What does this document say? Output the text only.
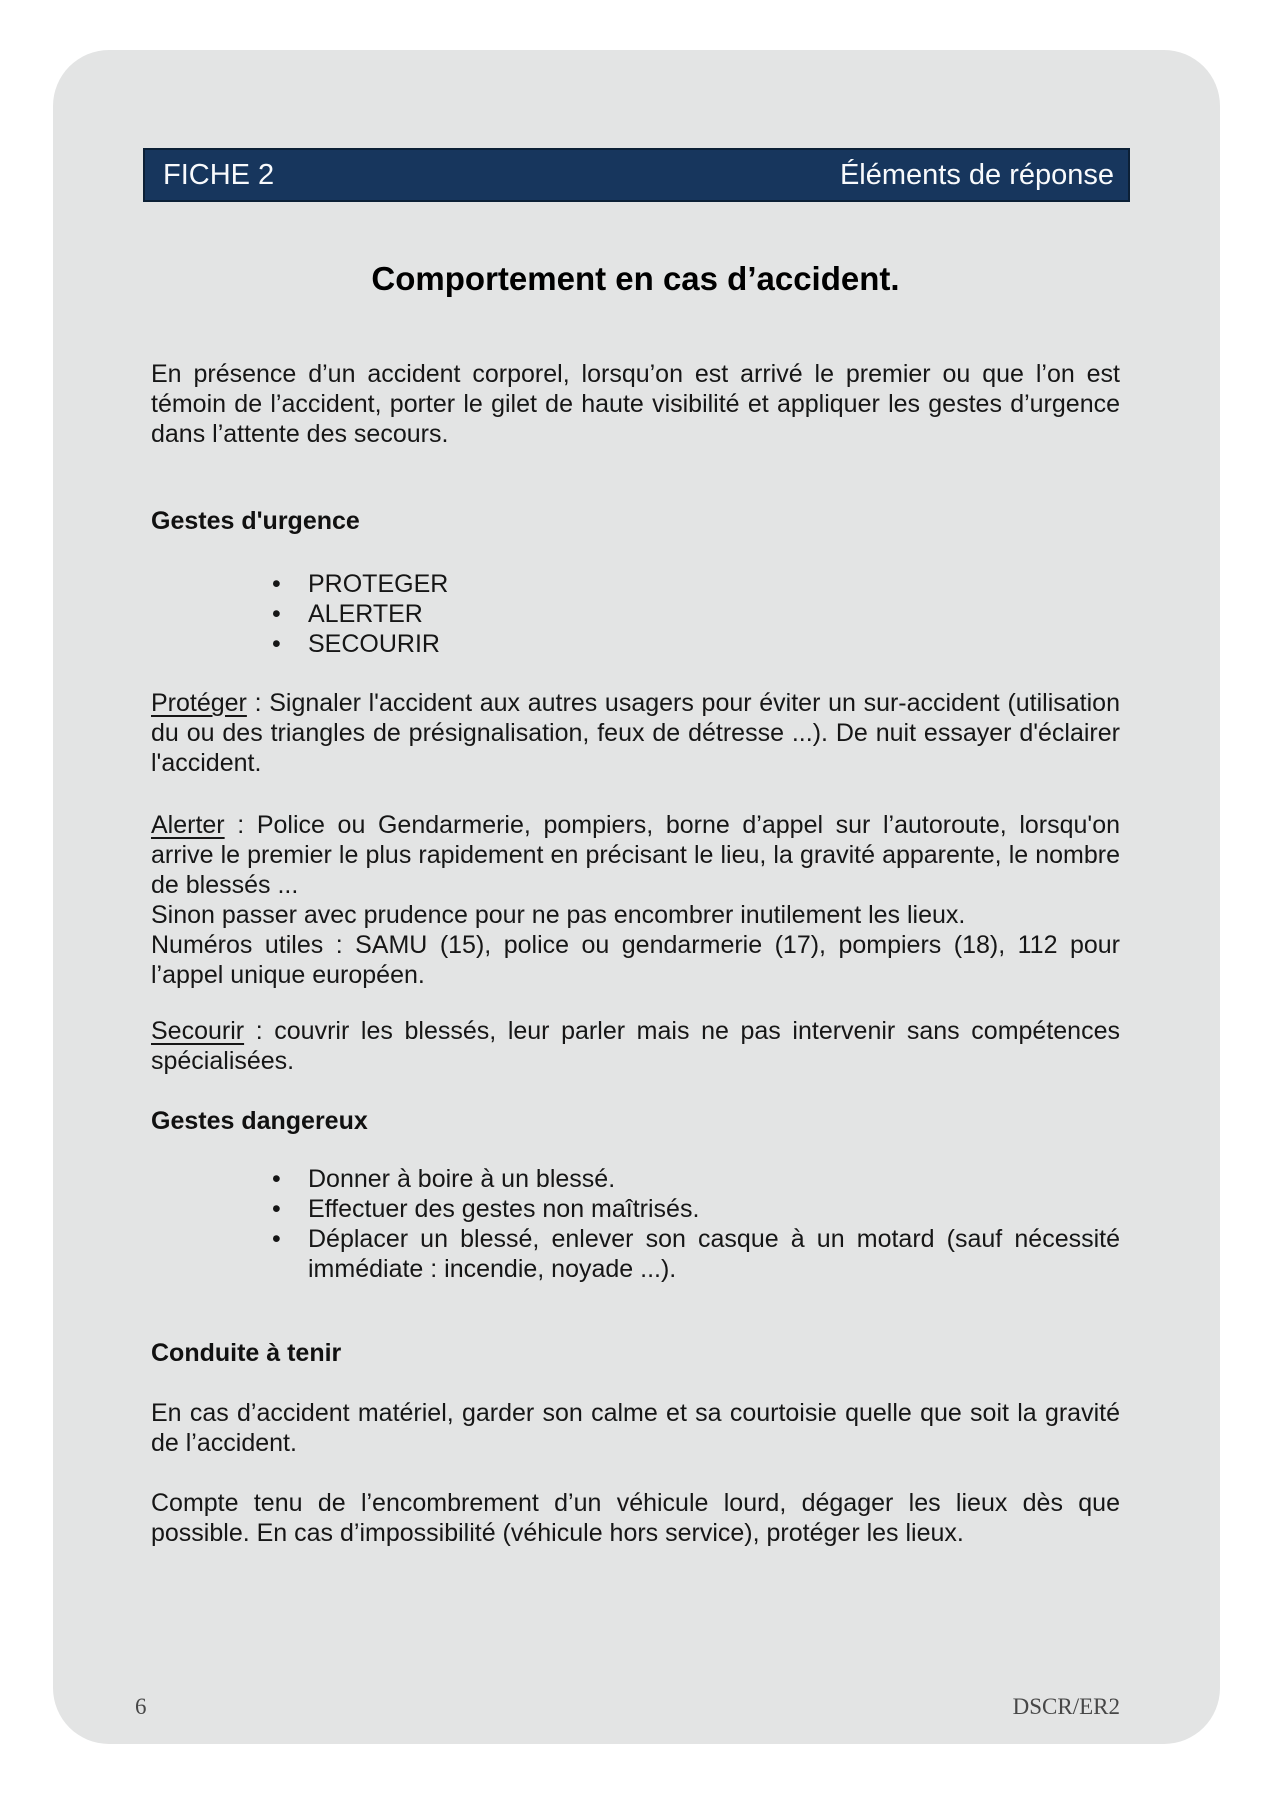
FICHE 2	Éléments de réponse
Comportement en cas d’accident.

En présence d’un accident corporel, lorsqu’on est arrivé le premier ou que l’on est témoin de l’accident, porter le gilet de haute visibilité et appliquer les gestes d’urgence dans l’attente des secours.

Gestes d'urgence
• PROTEGER
• ALERTER
• SECOURIR

Protéger : Signaler l'accident aux autres usagers pour éviter un sur-accident (utilisation du ou des triangles de présignalisation, feux de détresse ...). De nuit essayer d'éclairer l'accident.

Alerter : Police ou Gendarmerie, pompiers, borne d’appel sur l’autoroute, lorsqu'on arrive le premier le plus rapidement en précisant le lieu, la gravité apparente, le nombre de blessés ...
Sinon passer avec prudence pour ne pas encombrer inutilement les lieux.
Numéros utiles : SAMU (15), police ou gendarmerie (17), pompiers (18), 112 pour l’appel unique européen.

Secourir : couvrir les blessés, leur parler mais ne pas intervenir sans compétences spécialisées.

Gestes dangereux
• Donner à boire à un blessé.
• Effectuer des gestes non maîtrisés.
• Déplacer un blessé, enlever son casque à un motard (sauf nécessité immédiate : incendie, noyade ...).
Conduite à tenir

En cas d’accident matériel, garder son calme et sa courtoisie quelle que soit la gravité de l’accident.

Compte tenu de l’encombrement d’un véhicule lourd, dégager les lieux dès que possible. En cas d’impossibilité (véhicule hors service), protéger les lieux.

6	DSCR/ER2
